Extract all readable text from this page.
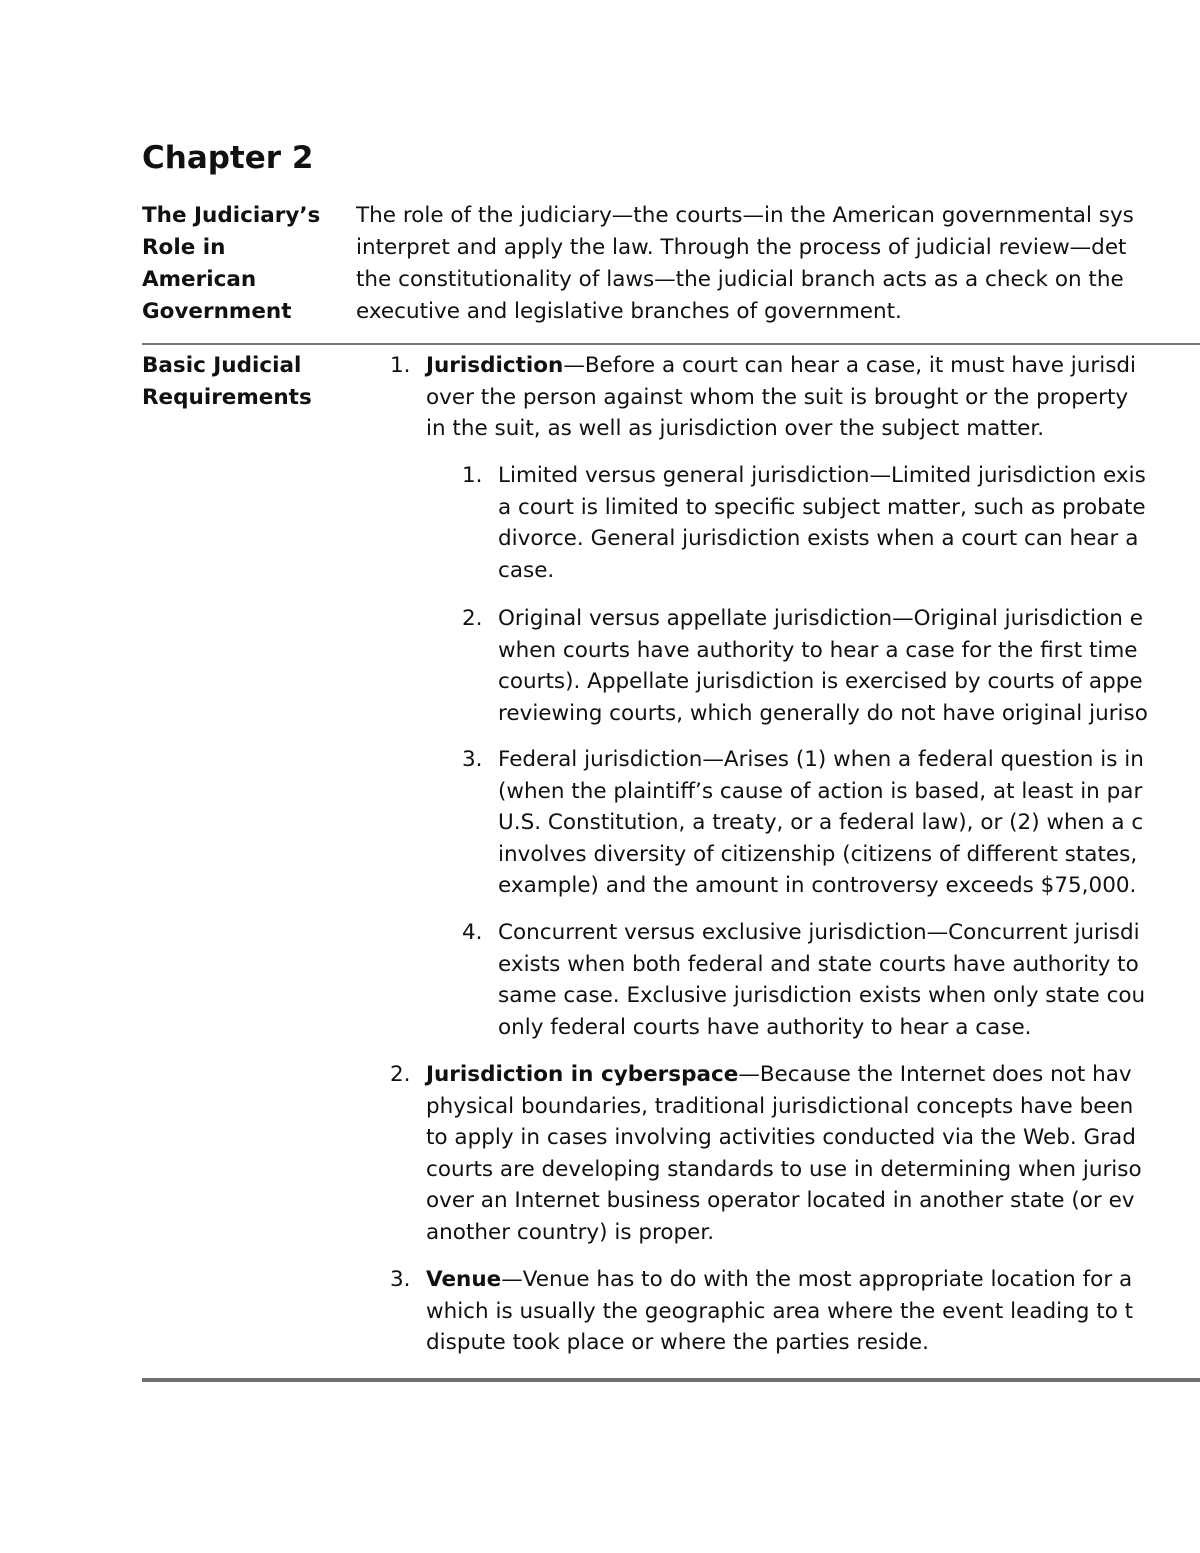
Chapter 2
The Judiciary’s
Role in
American
Government
The role of the judiciary—the courts—in the American governmental sys
interpret and apply the law. Through the process of judicial review—det
the constitutionality of laws—the judicial branch acts as a check on the
executive and legislative branches of government.
Basic Judicial
Requirements
1. Jurisdiction—Before a court can hear a case, it must have jurisdi
over the person against whom the suit is brought or the property
in the suit, as well as jurisdiction over the subject matter.
1. Limited versus general jurisdiction—Limited jurisdiction exis
a court is limited to specific subject matter, such as probate
divorce. General jurisdiction exists when a court can hear a
case.
2. Original versus appellate jurisdiction—Original jurisdiction e
when courts have authority to hear a case for the first time
courts). Appellate jurisdiction is exercised by courts of appe
reviewing courts, which generally do not have original juriso
3. Federal jurisdiction—Arises (1) when a federal question is in
(when the plaintiff’s cause of action is based, at least in par
U.S. Constitution, a treaty, or a federal law), or (2) when a c
involves diversity of citizenship (citizens of different states,
example) and the amount in controversy exceeds $75,000.
4. Concurrent versus exclusive jurisdiction—Concurrent jurisdi
exists when both federal and state courts have authority to
same case. Exclusive jurisdiction exists when only state cou
only federal courts have authority to hear a case.
2. Jurisdiction in cyberspace—Because the Internet does not hav
physical boundaries, traditional jurisdictional concepts have been
to apply in cases involving activities conducted via the Web. Grad
courts are developing standards to use in determining when juriso
over an Internet business operator located in another state (or ev
another country) is proper.
3. Venue—Venue has to do with the most appropriate location for a
which is usually the geographic area where the event leading to t
dispute took place or where the parties reside.
